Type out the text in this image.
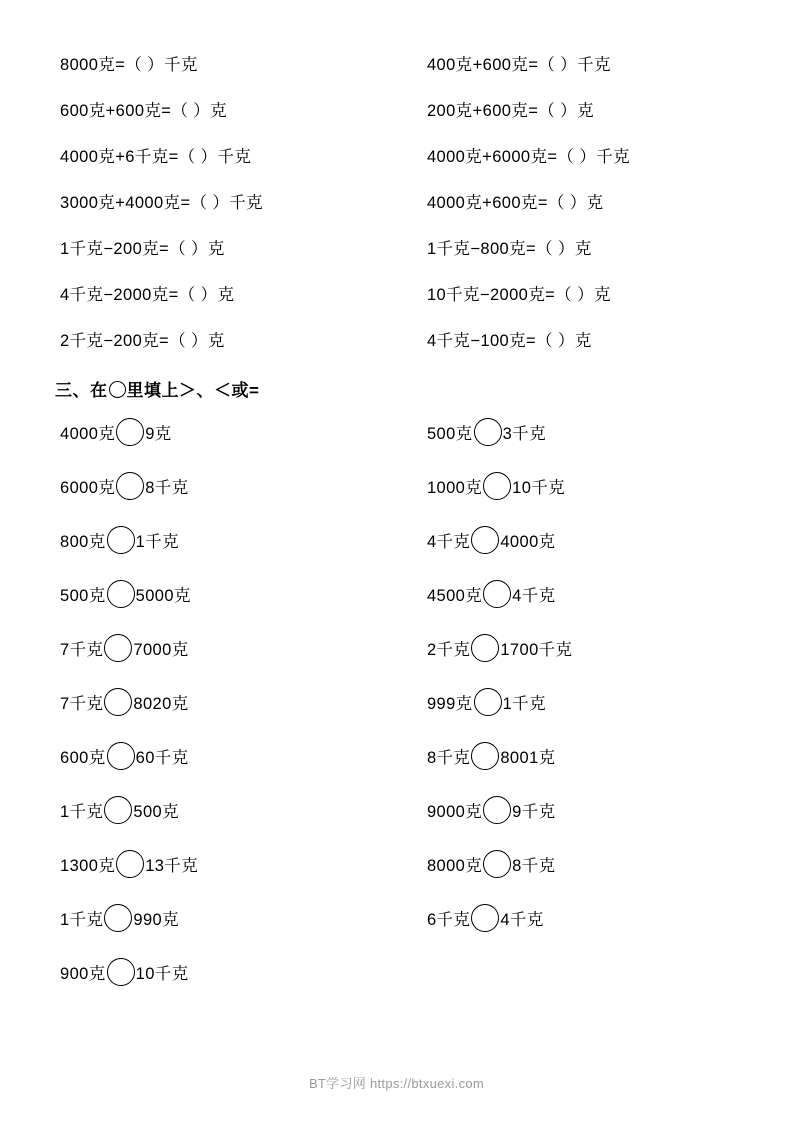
8000克=（ ）千克	400克+600克=（ ）千克
600克+600克=（ ）克	200克+600克=（ ）克
4000克+6千克=（ ）千克	4000克+6000克=（ ）千克
3000克+4000克=（ ）千克	4000克+600克=（ ）克
1千克−200克=（ ）克	1千克−800克=（ ）克
4千克−2000克=（ ）克	10千克−2000克=（ ）克
2千克−200克=（ ）克	4千克−100克=（ ）克
三、在 里填上＞、＜或=
4000克 9克	500克 3千克
6000克 8千克	1000克 10千克
800克 1千克	4千克 4000克
500克 5000克	4500克 4千克
7千克 7000克	2千克 1700千克
7千克 8020克	999克 1千克
600克 60千克	8千克 8001克
1千克 500克	9000克 9千克
1300克 13千克	8000克 8千克
1千克 990克	6千克 4千克
900克 10千克
BT学习网 https://btxuexi.com
